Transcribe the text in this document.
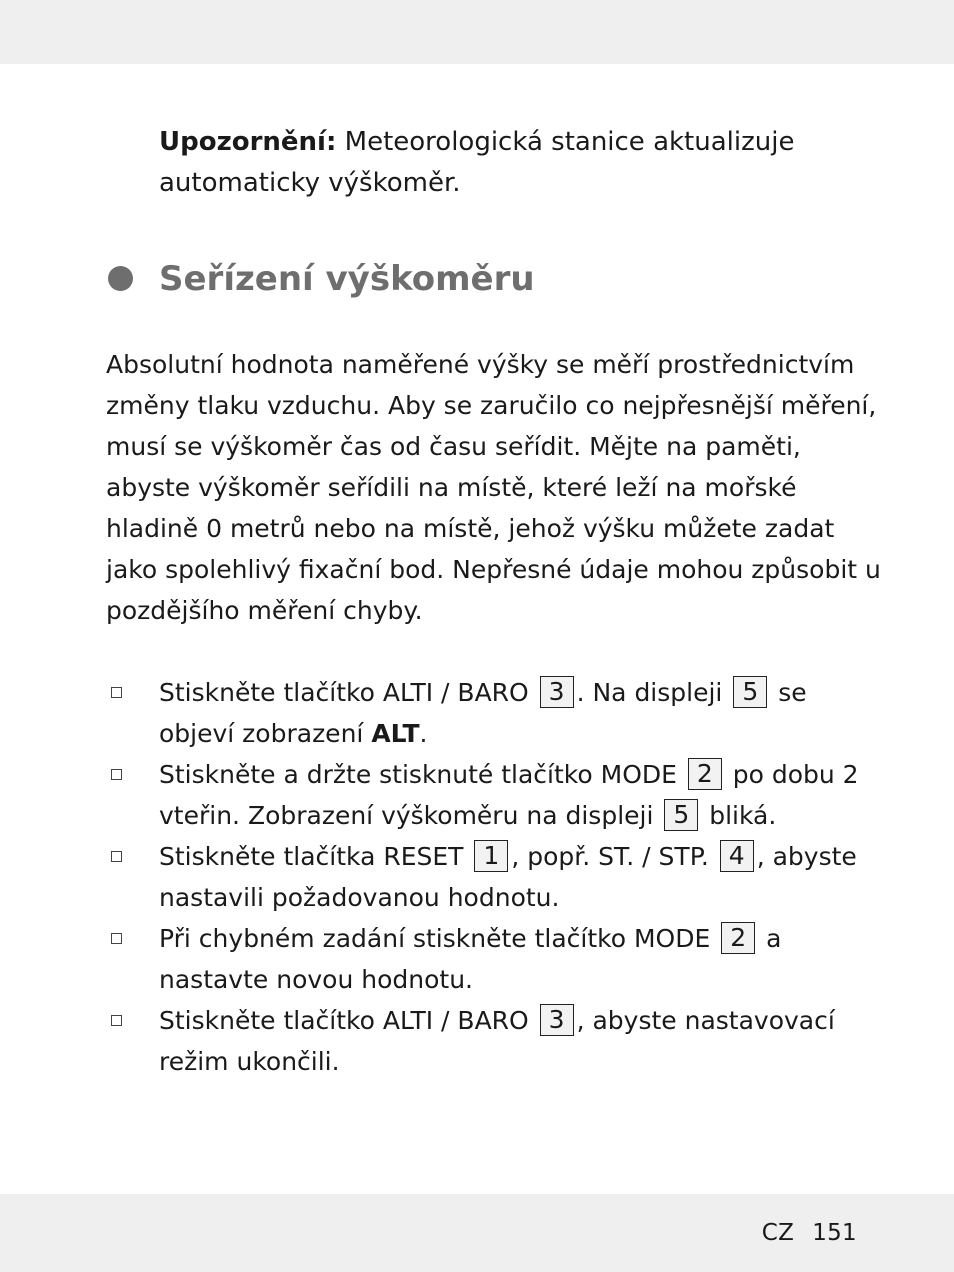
Upozornění: Meteorologická stanice aktualizuje automaticky výškoměr.

Seřízení výškoměru

Absolutní hodnota naměřené výšky se měří prostřednictvím změny tlaku vzduchu. Aby se zaručilo co nejpřesnější měření, musí se výškoměr čas od času seřídit. Mějte na paměti, abyste výškoměr seřídili na místě, které leží na mořské hladině 0 metrů nebo na místě, jehož výšku můžete zadat jako spolehlivý fixační bod. Nepřesné údaje mohou způsobit u pozdějšího měření chyby.

Stiskněte tlačítko ALTI / BARO 3 . Na displeji 5 se objeví zobrazení ALT.
Stiskněte a držte stisknuté tlačítko MODE 2 po dobu 2 vteřin. Zobrazení výškoměru na displeji 5 bliká.
Stiskněte tlačítka RESET 1 , popř. ST. / STP. 4 , abyste nastavili požadovanou hodnotu.
Při chybném zadání stiskněte tlačítko MODE 2 a nastavte novou hodnotu.
Stiskněte tlačítko ALTI / BARO 3 , abyste nastavovací režim ukončili.
CZ 151
